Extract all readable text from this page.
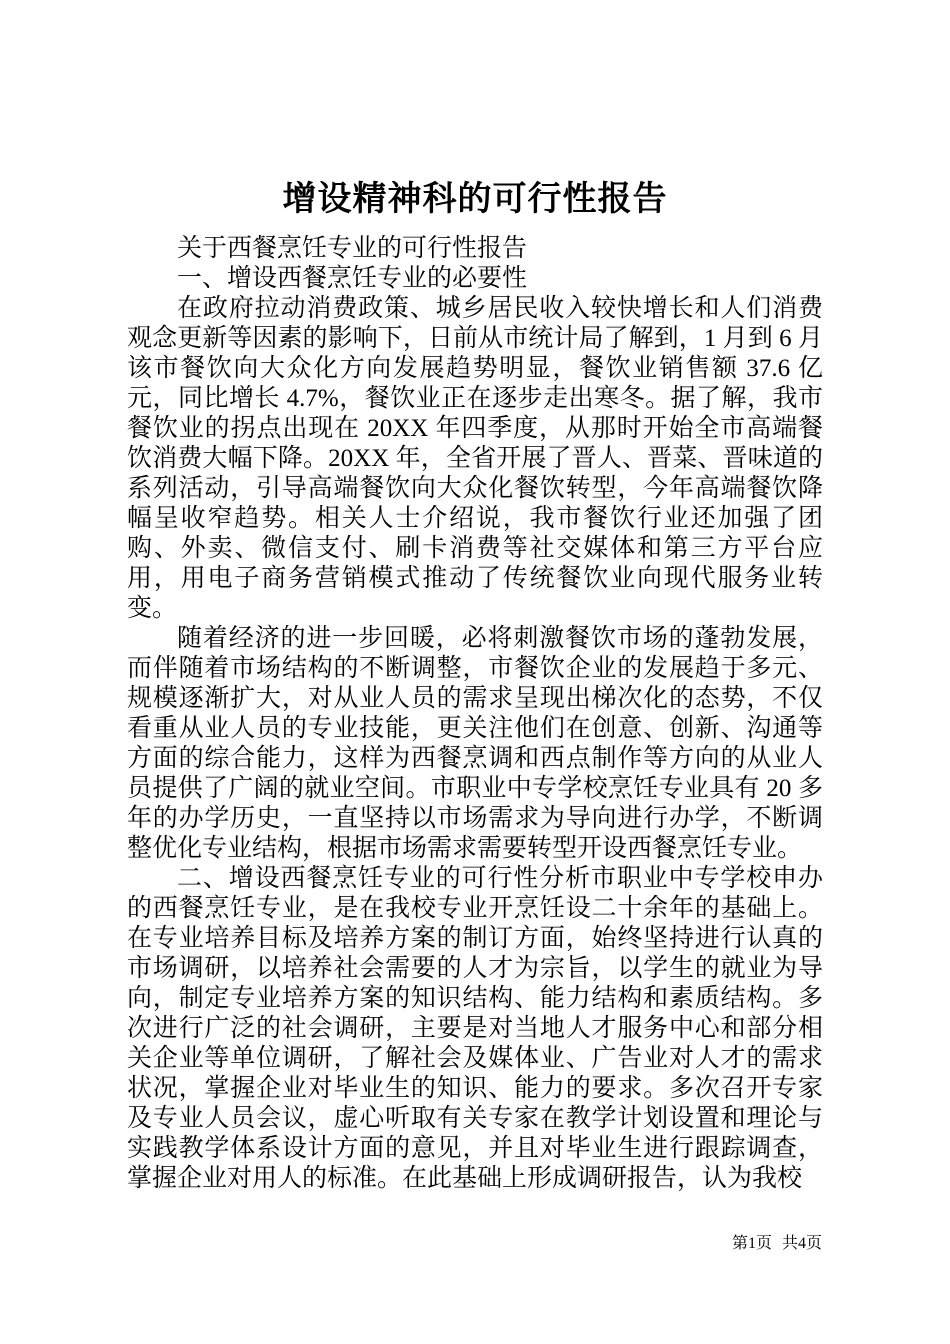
增设精神科的可行性报告

关于西餐烹饪专业的可行性报告

一、增设西餐烹饪专业的必要性

在政府拉动消费政策、城乡居民收入较快增长和人们消费观念更新等因素的影响下，日前从市统计局了解到，1 月到 6 月该市餐饮向大众化方向发展趋势明显，餐饮业销售额 37.6 亿元，同比增长 4.7%，餐饮业正在逐步走出寒冬。据了解，我市餐饮业的拐点出现在 20XX 年四季度，从那时开始全市高端餐饮消费大幅下降。20XX 年，全省开展了晋人、晋菜、晋味道的系列活动，引导高端餐饮向大众化餐饮转型，今年高端餐饮降幅呈收窄趋势。相关人士介绍说，我市餐饮行业还加强了团购、外卖、微信支付、刷卡消费等社交媒体和第三方平台应用，用电子商务营销模式推动了传统餐饮业向现代服务业转变。

随着经济的进一步回暖，必将刺激餐饮市场的蓬勃发展，而伴随着市场结构的不断调整，市餐饮企业的发展趋于多元、规模逐渐扩大，对从业人员的需求呈现出梯次化的态势，不仅看重从业人员的专业技能，更关注他们在创意、创新、沟通等方面的综合能力，这样为西餐烹调和西点制作等方向的从业人员提供了广阔的就业空间。市职业中专学校烹饪专业具有 20 多年的办学历史，一直坚持以市场需求为导向进行办学，不断调整优化专业结构，根据市场需求需要转型开设西餐烹饪专业。

二、增设西餐烹饪专业的可行性分析市职业中专学校申办的西餐烹饪专业，是在我校专业开烹饪设二十余年的基础上。在专业培养目标及培养方案的制订方面，始终坚持进行认真的市场调研，以培养社会需要的人才为宗旨，以学生的就业为导向，制定专业培养方案的知识结构、能力结构和素质结构。多次进行广泛的社会调研，主要是对当地人才服务中心和部分相关企业等单位调研，了解社会及媒体业、广告业对人才的需求状况，掌握企业对毕业生的知识、能力的要求。多次召开专家及专业人员会议，虚心听取有关专家在教学计划设置和理论与实践教学体系设计方面的意见，并且对毕业生进行跟踪调查，掌握企业对用人的标准。在此基础上形成调研报告，认为我校

第1页 共4页
